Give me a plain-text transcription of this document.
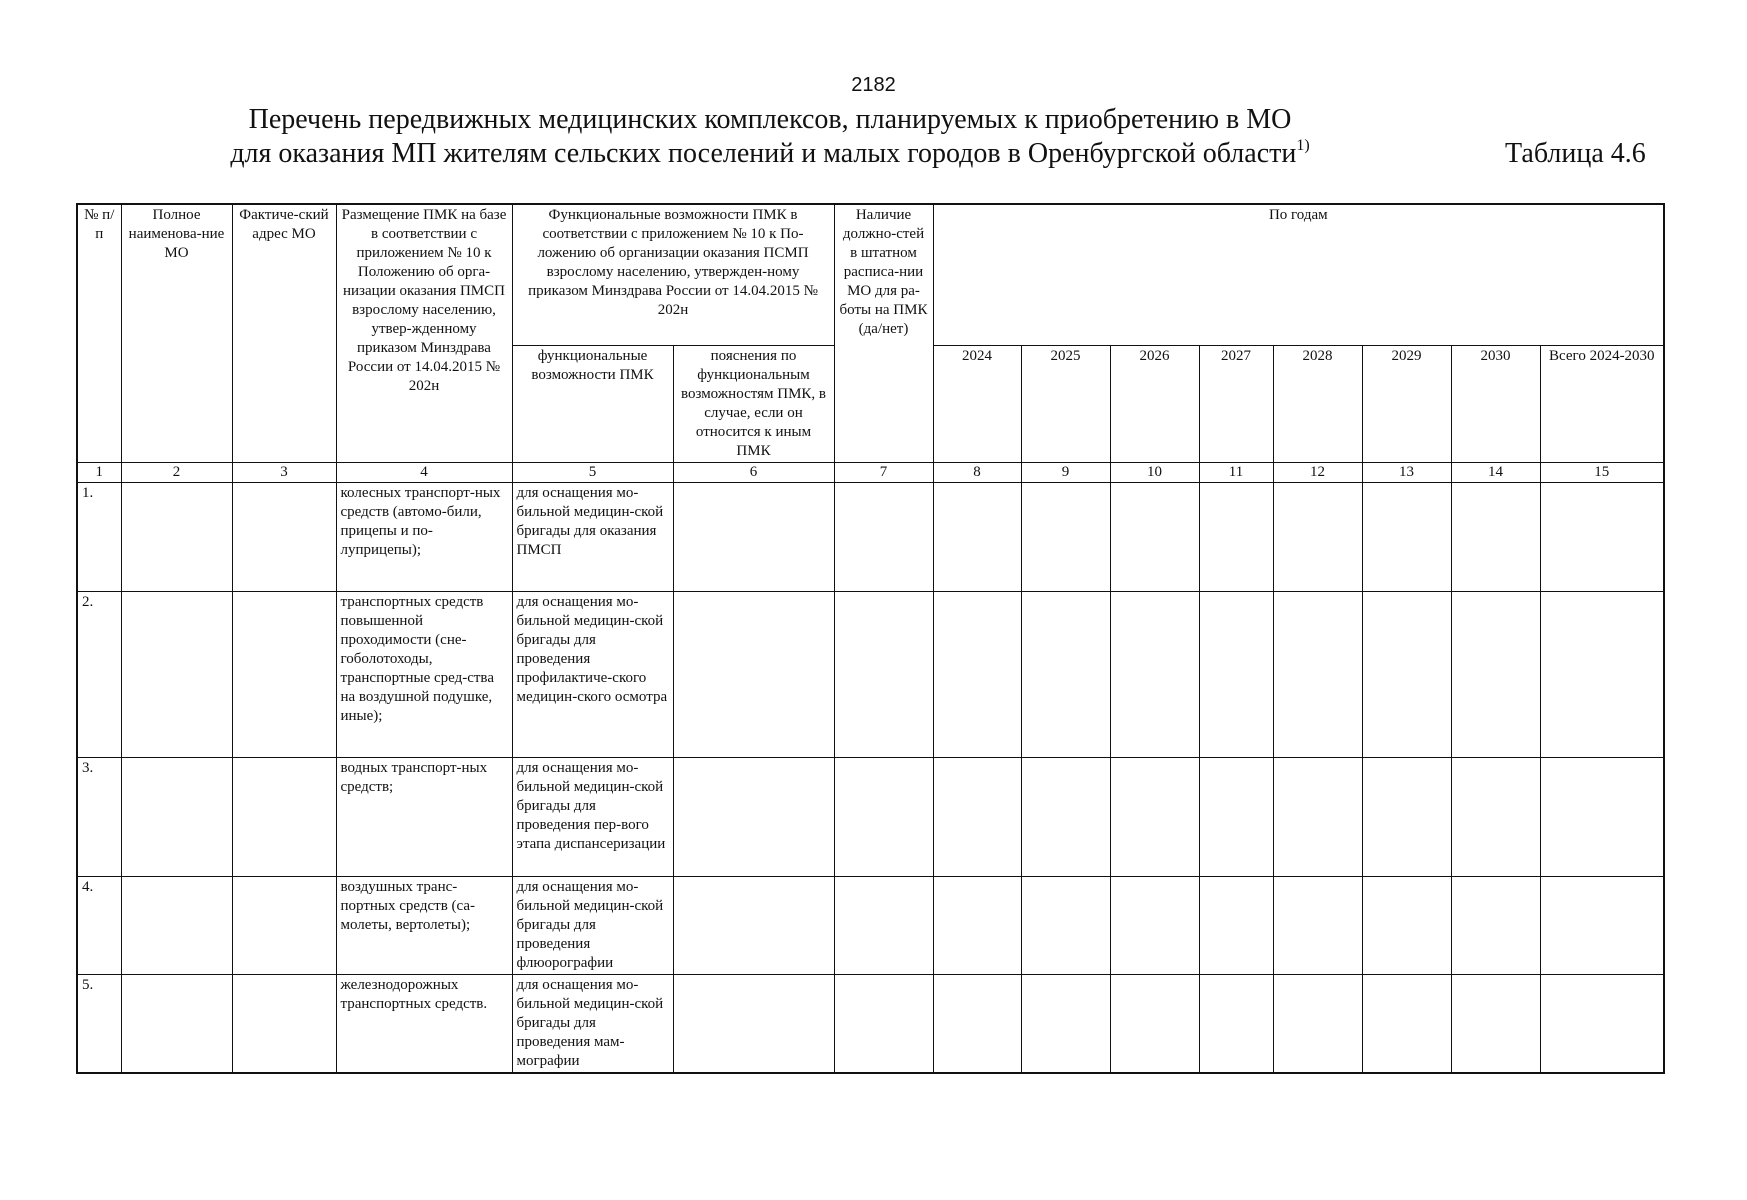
2182
Перечень передвижных медицинских комплексов, планируемых к приобретению в МО
для оказания МП жителям сельских поселений и малых городов в Оренбургской области$^{1)}$	Таблица 4.6
№ п/п	Полное наименова-ние МО	Фактиче-ский адрес МО	Размещение ПМК на базе в соответствии с приложением № 10 к Положению об орга-низации оказания ПМСП взрослому населению, утвер-жденному приказом Минздрава России от 14.04.2015 № 202н	Функциональные возможности ПМК в соответствии с приложением № 10 к По-ложению об организации оказания ПСМП взрослому населению, утвержден-ному приказом Минздрава России от 14.04.2015 № 202н		Наличие должно-стей в штатном расписа-нии МО для ра-боты на ПМК (да/нет)	По годам							
				функциональные возможности ПМК	пояснения по функциональным возможностям ПМК, в случае, если он относится к иным ПМК		2024	2025	2026	2027	2028	2029	2030	Всего 2024-2030
1	2	3	4	5	6	7	8	9	10	11	12	13	14	15
1.			колесных транспорт-ных средств (автомо-били, прицепы и по-луприцепы);	для оснащения мо-бильной медицин-ской бригады для оказания ПМСП										
2.			транспортных средств повышенной проходимости (сне-гоболотоходы, транспортные сред-ства на воздушной подушке, иные);	для оснащения мо-бильной медицин-ской бригады для проведения профилактиче-ского медицин-ского осмотра										
3.			водных транспорт-ных средств;	для оснащения мо-бильной медицин-ской бригады для проведения пер-вого этапа диспансеризации										
4.			воздушных транс-портных средств (са-молеты, вертолеты);	для оснащения мо-бильной медицин-ской бригады для проведения флюорографии										
5.			железнодорожных транспортных средств.	для оснащения мо-бильной медицин-ской бригады для проведения мам-мографии										
